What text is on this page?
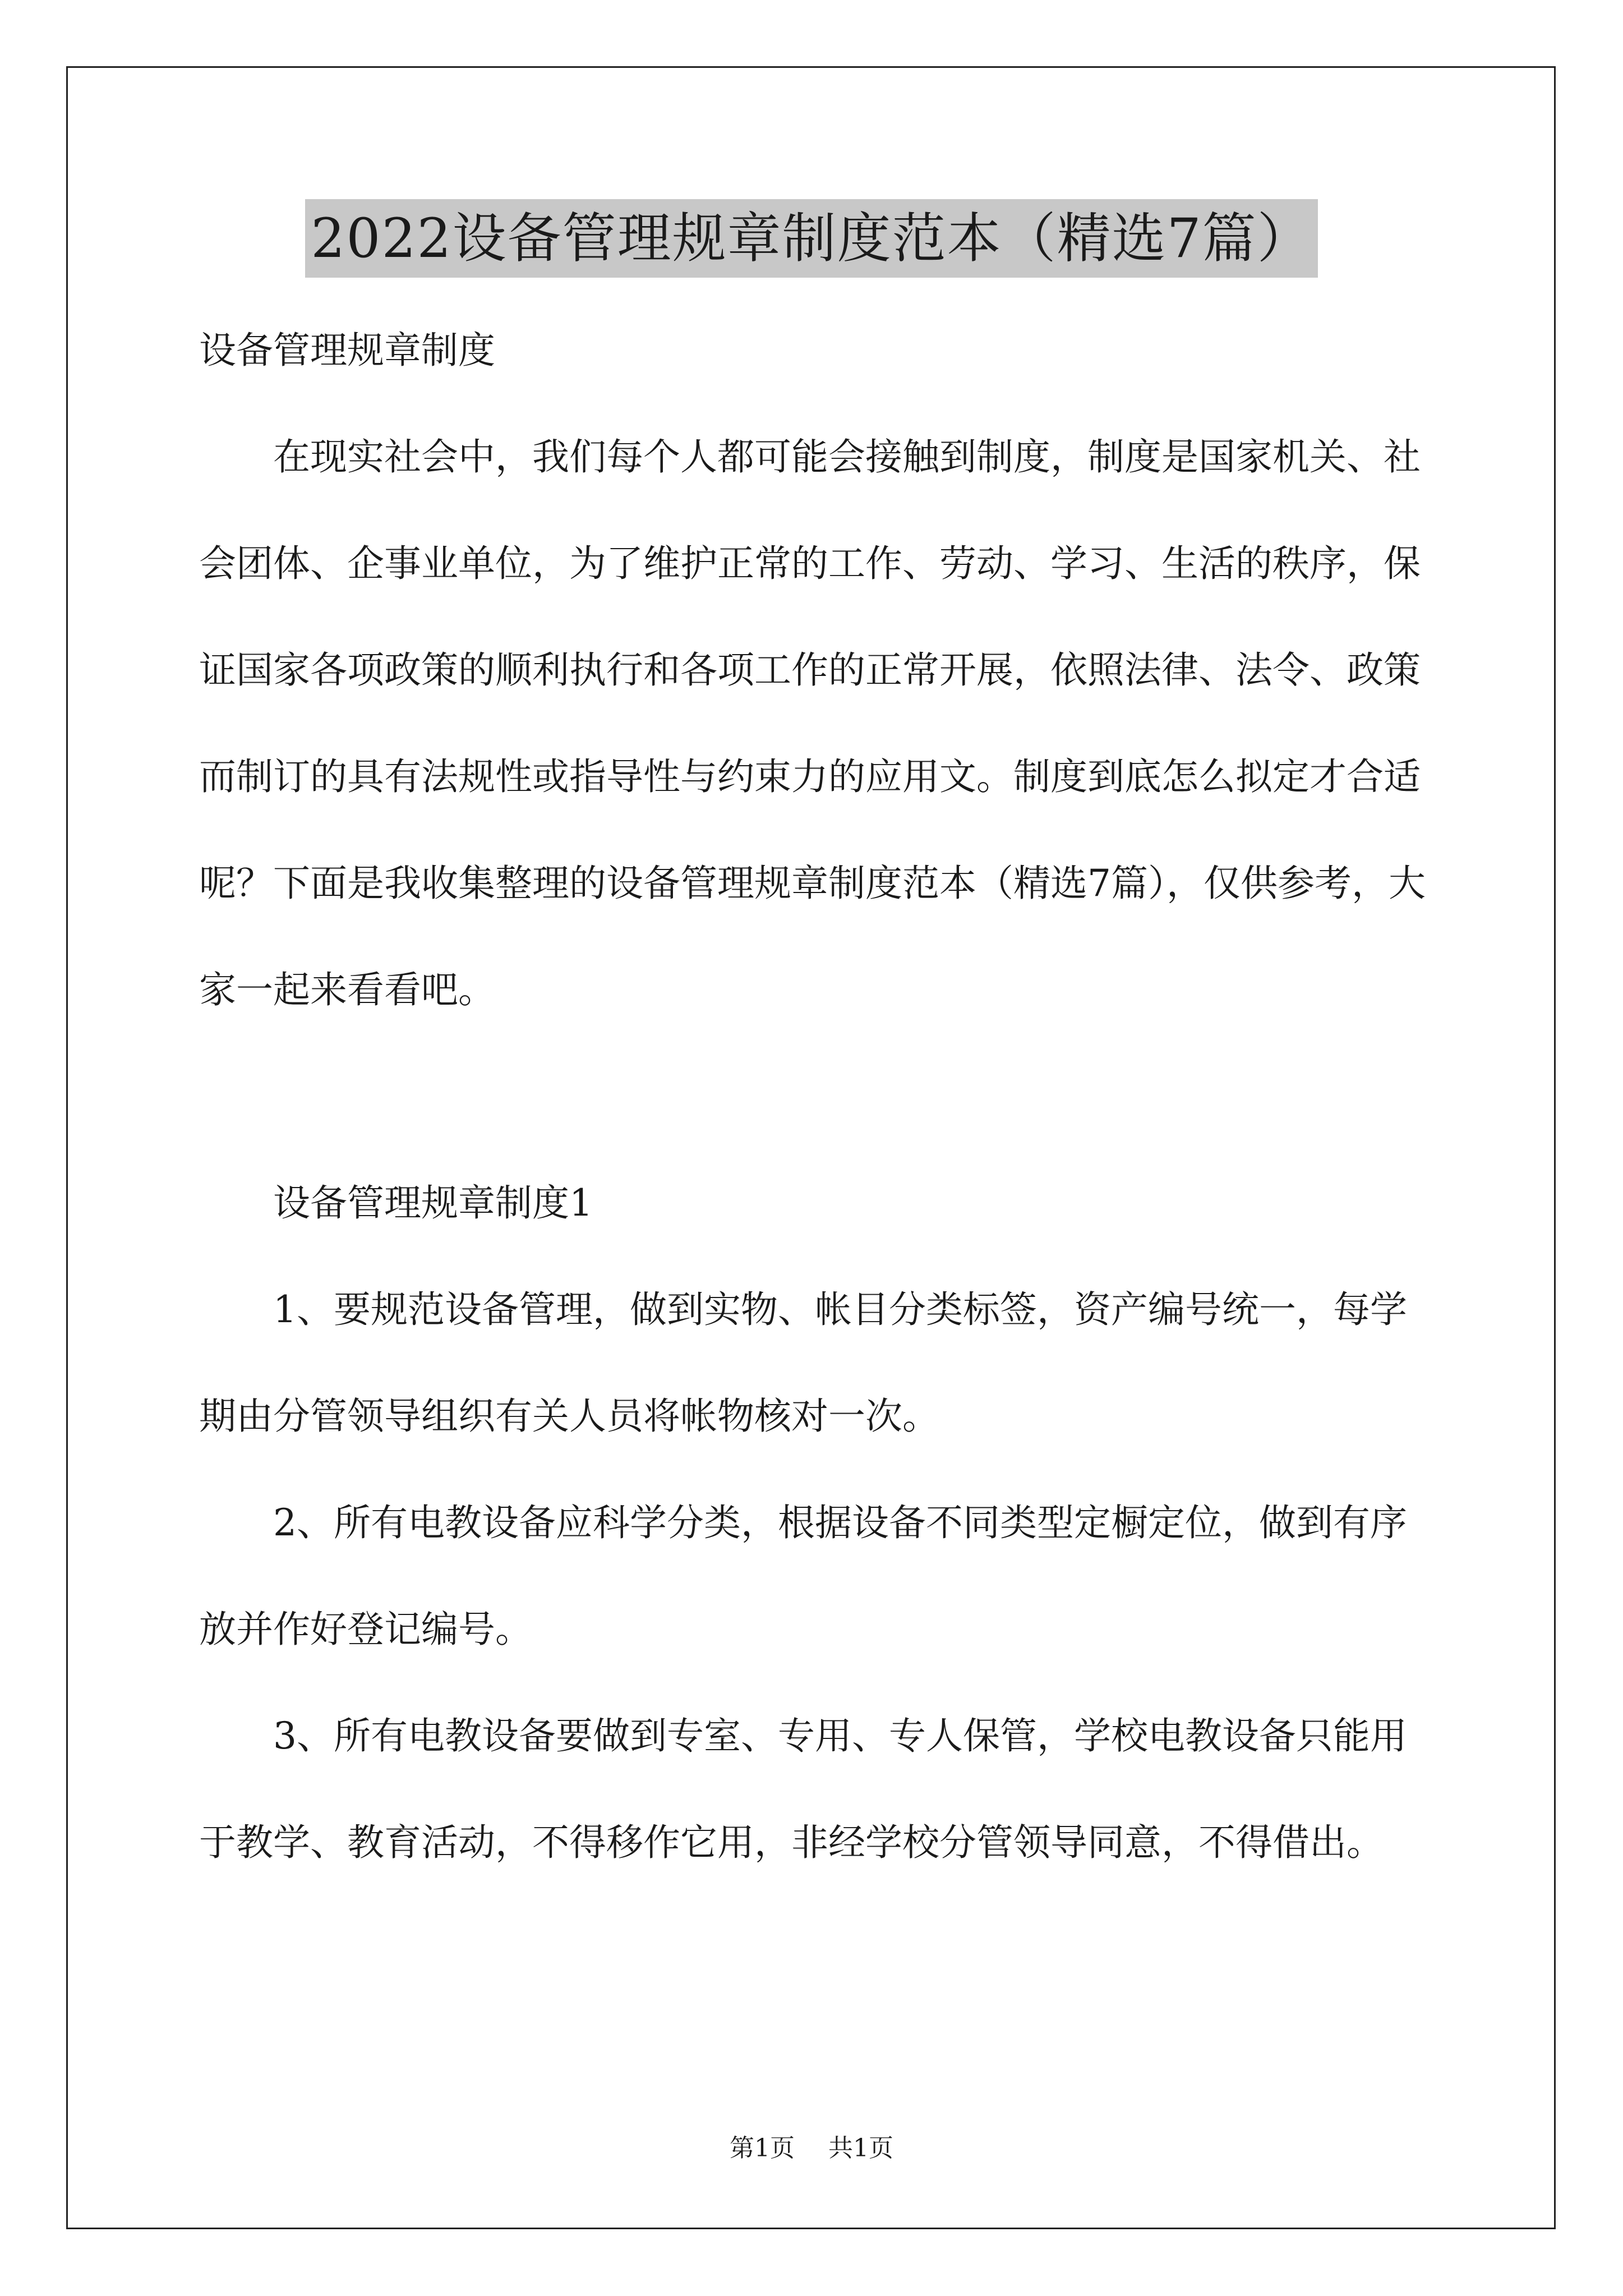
2022设备管理规章制度范本（精选7篇）

设备管理规章制度

在现实社会中，我们每个人都可能会接触到制度，制度是国家机关、社会团体、企事业单位，为了维护正常的工作、劳动、学习、生活的秩序，保证国家各项政策的顺利执行和各项工作的正常开展，依照法律、法令、政策而制订的具有法规性或指导性与约束力的应用文。制度到底怎么拟定才合适呢？下面是我收集整理的设备管理规章制度范本（精选7篇），仅供参考，大家一起来看看吧。

设备管理规章制度1

1、要规范设备管理，做到实物、帐目分类标签，资产编号统一，每学期由分管领导组织有关人员将帐物核对一次。

2、所有电教设备应科学分类，根据设备不同类型定橱定位，做到有序放并作好登记编号。

3、所有电教设备要做到专室、专用、专人保管，学校电教设备只能用于教学、教育活动，不得移作它用，非经学校分管领导同意，不得借出。

第1页 共1页
